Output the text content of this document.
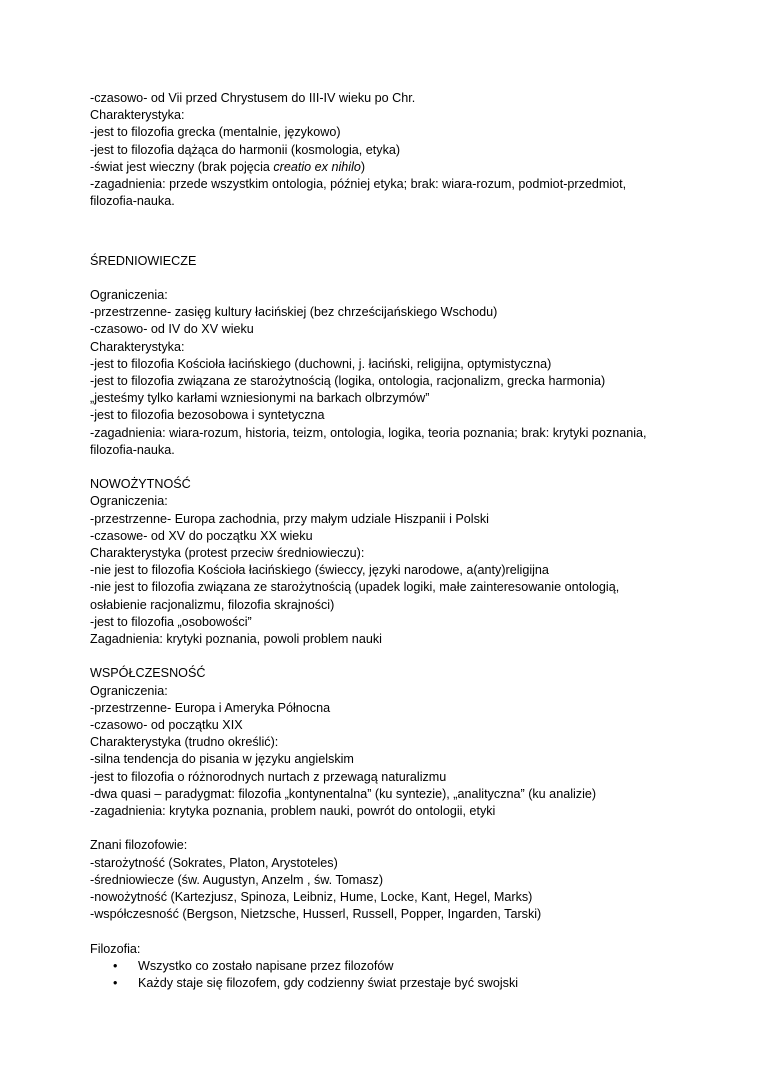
-czasowo- od Vii przed Chrystusem do III-IV wieku po Chr.
Charakterystyka:
-jest to filozofia grecka (mentalnie, językowo)
-jest to filozofia dążąca do harmonii (kosmologia, etyka)
-świat jest wieczny (brak pojęcia creatio ex nihilo)
-zagadnienia: przede wszystkim ontologia, później etyka; brak: wiara-rozum, podmiot-przedmiot,
filozofia-nauka.
ŚREDNIOWIECZE
Ograniczenia:
-przestrzenne- zasięg kultury łacińskiej (bez chrześcijańskiego Wschodu)
-czasowo- od IV do XV wieku
Charakterystyka:
-jest to filozofia Kościoła łacińskiego (duchowni, j. łaciński, religijna, optymistyczna)
-jest to filozofia związana ze starożytnością (logika, ontologia, racjonalizm, grecka harmonia)
„jesteśmy tylko karłami wzniesionymi na barkach olbrzymów”
-jest to filozofia bezosobowa i syntetyczna
-zagadnienia: wiara-rozum, historia, teizm, ontologia, logika, teoria poznania; brak: krytyki poznania,
filozofia-nauka.
NOWOŻYTNOŚĆ
Ograniczenia:
-przestrzenne- Europa zachodnia, przy małym udziale Hiszpanii i Polski
-czasowe- od XV do początku XX wieku
Charakterystyka (protest przeciw średniowieczu):
-nie jest to filozofia Kościoła łacińskiego (świeccy, języki narodowe, a(anty)religijna
-nie jest to filozofia związana ze starożytnością (upadek logiki, małe zainteresowanie ontologią,
osłabienie racjonalizmu, filozofia skrajności)
-jest to filozofia „osobowości”
Zagadnienia: krytyki poznania, powoli problem nauki
WSPÓŁCZESNOŚĆ
Ograniczenia:
-przestrzenne- Europa i Ameryka Północna
-czasowo- od początku XIX
Charakterystyka (trudno określić):
-silna tendencja do pisania w języku angielskim
-jest to filozofia o różnorodnych nurtach z przewagą naturalizmu
-dwa quasi – paradygmat: filozofia „kontynentalna” (ku syntezie), „analityczna” (ku analizie)
-zagadnienia: krytyka poznania, problem nauki, powrót do ontologii, etyki
Znani filozofowie:
-starożytność (Sokrates, Platon, Arystoteles)
-średniowiecze (św. Augustyn, Anzelm , św. Tomasz)
-nowożytność (Kartezjusz, Spinoza, Leibniz, Hume, Locke, Kant, Hegel, Marks)
-współczesność (Bergson, Nietzsche, Husserl, Russell, Popper, Ingarden, Tarski)
Filozofia:
• Wszystko co zostało napisane przez filozofów
• Każdy staje się filozofem, gdy codzienny świat przestaje być swojski
